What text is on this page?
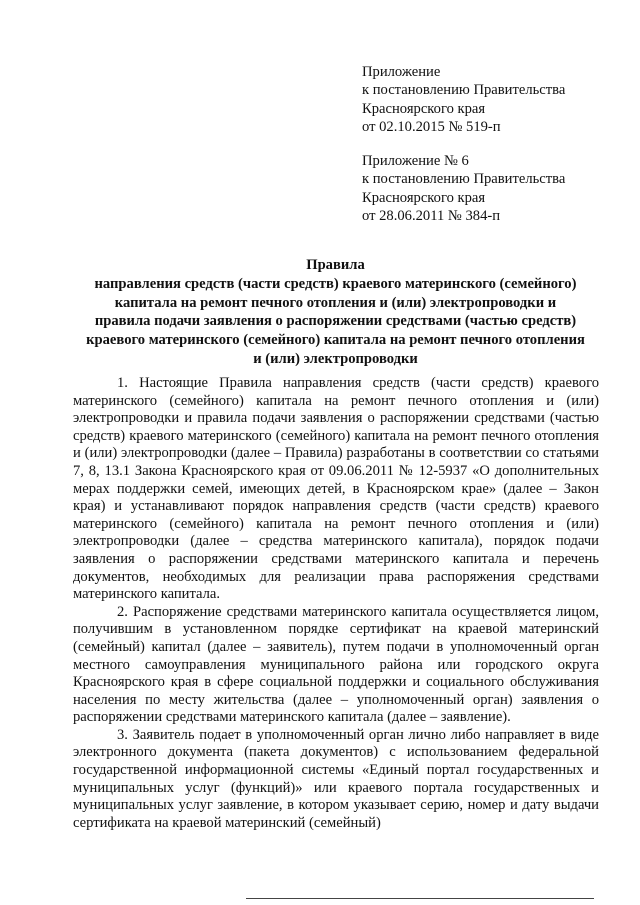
Приложение
к постановлению Правительства
Красноярского края
от 02.10.2015 № 519-п
Приложение № 6
к постановлению Правительства
Красноярского края
от 28.06.2011 № 384-п
Правила
направления средств (части средств) краевого материнского (семейного)
капитала на ремонт печного отопления и (или) электропроводки и
правила подачи заявления о распоряжении средствами (частью средств)
краевого материнского (семейного) капитала на ремонт печного отопления
и (или) электропроводки

1. Настоящие Правила направления средств (части средств) краевого материнского (семейного) капитала на ремонт печного отопления и (или) электропроводки и правила подачи заявления о распоряжении средствами (частью средств) краевого материнского (семейного) капитала на ремонт печного отопления и (или) электропроводки (далее – Правила) разработаны в соответствии со статьями 7, 8, 13.1 Закона Красноярского края от 09.06.2011 № 12-5937 «О дополнительных мерах поддержки семей, имеющих детей, в Красноярском крае» (далее – Закон края) и устанавливают порядок направления средств (части средств) краевого материнского (семейного) капитала на ремонт печного отопления и (или) электропроводки (далее – средства материнского капитала), порядок подачи заявления о распоряжении средствами материнского капитала и перечень документов, необходимых для реализации права распоряжения средствами материнского капитала.

2. Распоряжение средствами материнского капитала осуществляется лицом, получившим в установленном порядке сертификат на краевой материнский (семейный) капитал (далее – заявитель), путем подачи в уполномоченный орган местного самоуправления муниципального района или городского округа Красноярского края в сфере социальной поддержки и социального обслуживания населения по месту жительства (далее – уполномоченный орган) заявления о распоряжении средствами материнского капитала (далее – заявление).

3. Заявитель подает в уполномоченный орган лично либо направляет в виде электронного документа (пакета документов) с использованием федеральной государственной информационной системы «Единый портал государственных и муниципальных услуг (функций)» или краевого портала государственных и муниципальных услуг заявление, в котором указывает серию, номер и дату выдачи сертификата на краевой материнский (семейный)
